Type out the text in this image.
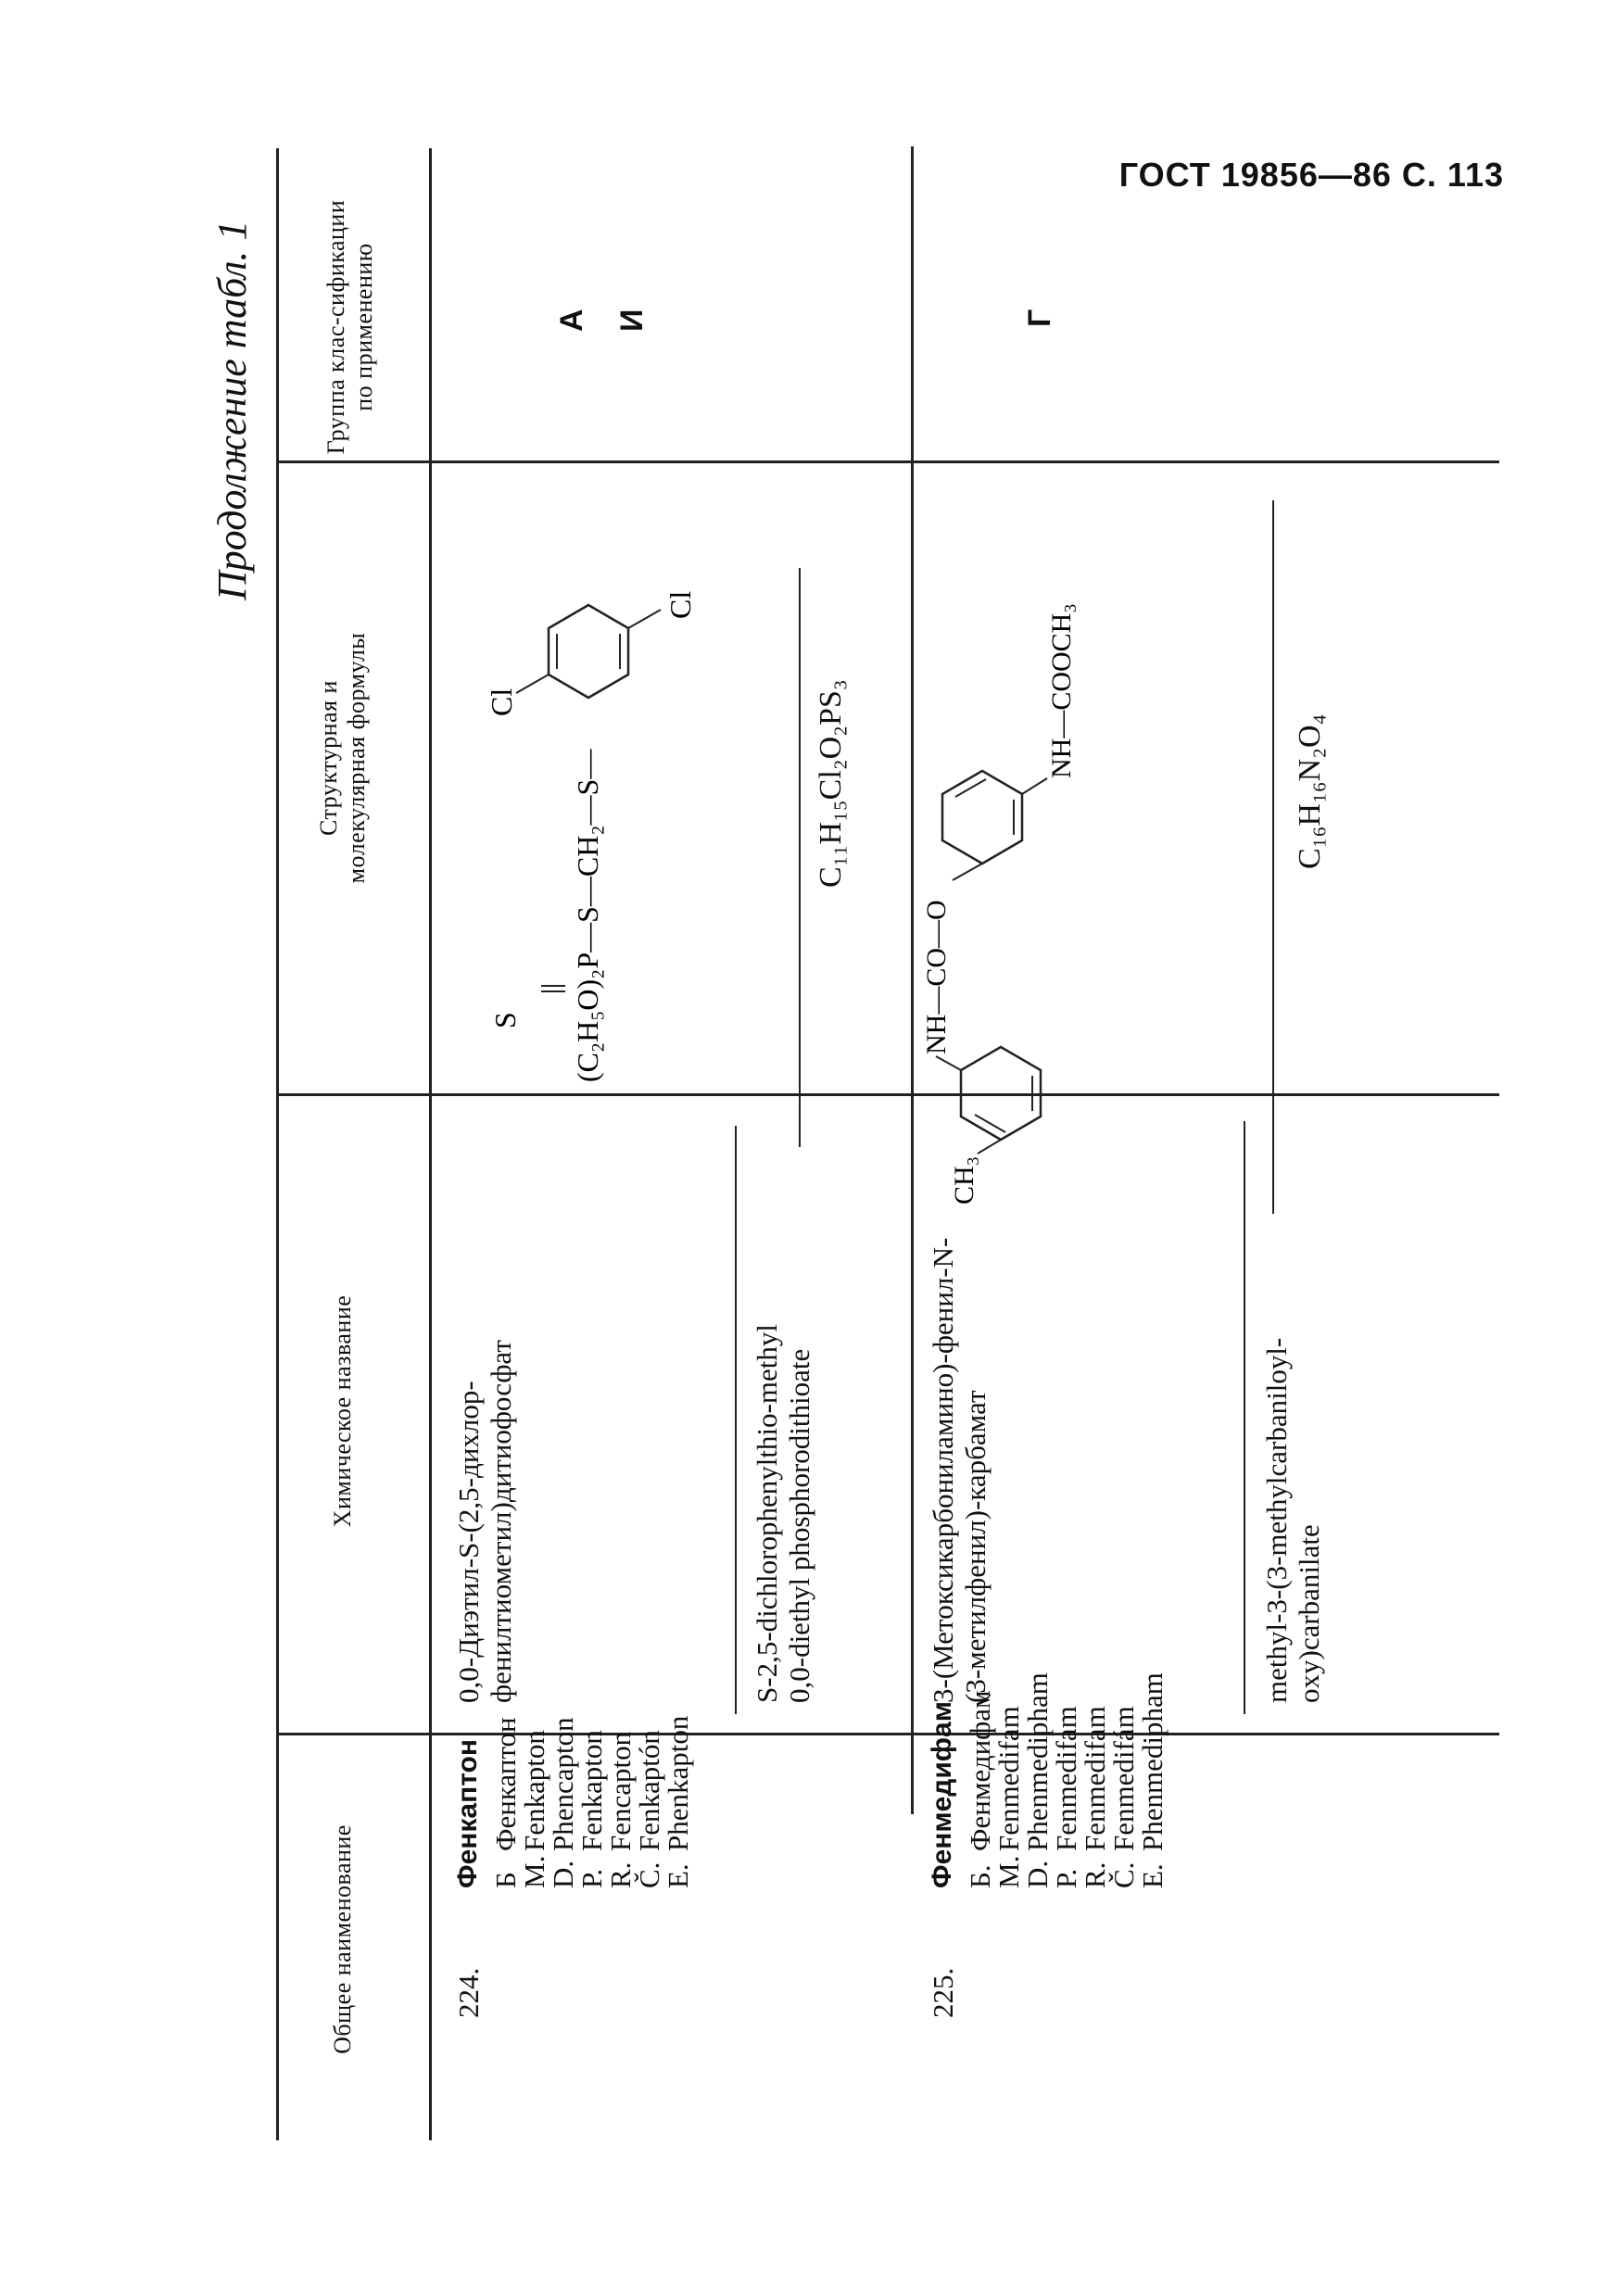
ГОСТ 19856—86 С. 113
Продолжение табл. 1
Общее наименование
Химическое название
Структурная и молекулярная формулы
Группа клас-сификации по применению
224.
Фенкаптон Б
Фенкаптон
М.
Fenkapton
D.
Phencapton
Р.
Fenkapton
R.
Fencapton
Č.
Fenkaptón
E.
Phenkapton
0,0-Диэтил-S-(2,5-дихлор-фенилтиометил)дитиофосфат	S-2,5-dichlorophenylthio-methyl 0,0-diethyl phosphorodithioate
S (C₂H₅O)₂P—S—CH₂—S—
Cl
Cl
C₁₁H₁₅Cl₂O₂PS₃
А И
225.
Фенмедифам Б.
Фенмедифам
М.
Fenmedifam
D.
Phenmedipham
Р.
Fenmedifam
R.
Fenmedifam
Č.
Fenmedifám
E.
Phenmedipham
3-(Метоксикарбониламино)-фенил-N-(3-метилфенил)-карбамат	methyl-3-(3-methylcarbaniloyl-oxy)carbanilate
CH₃
NH—CO—O
NH—COOCH₃
C₁₆H₁₆N₂O₄
Г
